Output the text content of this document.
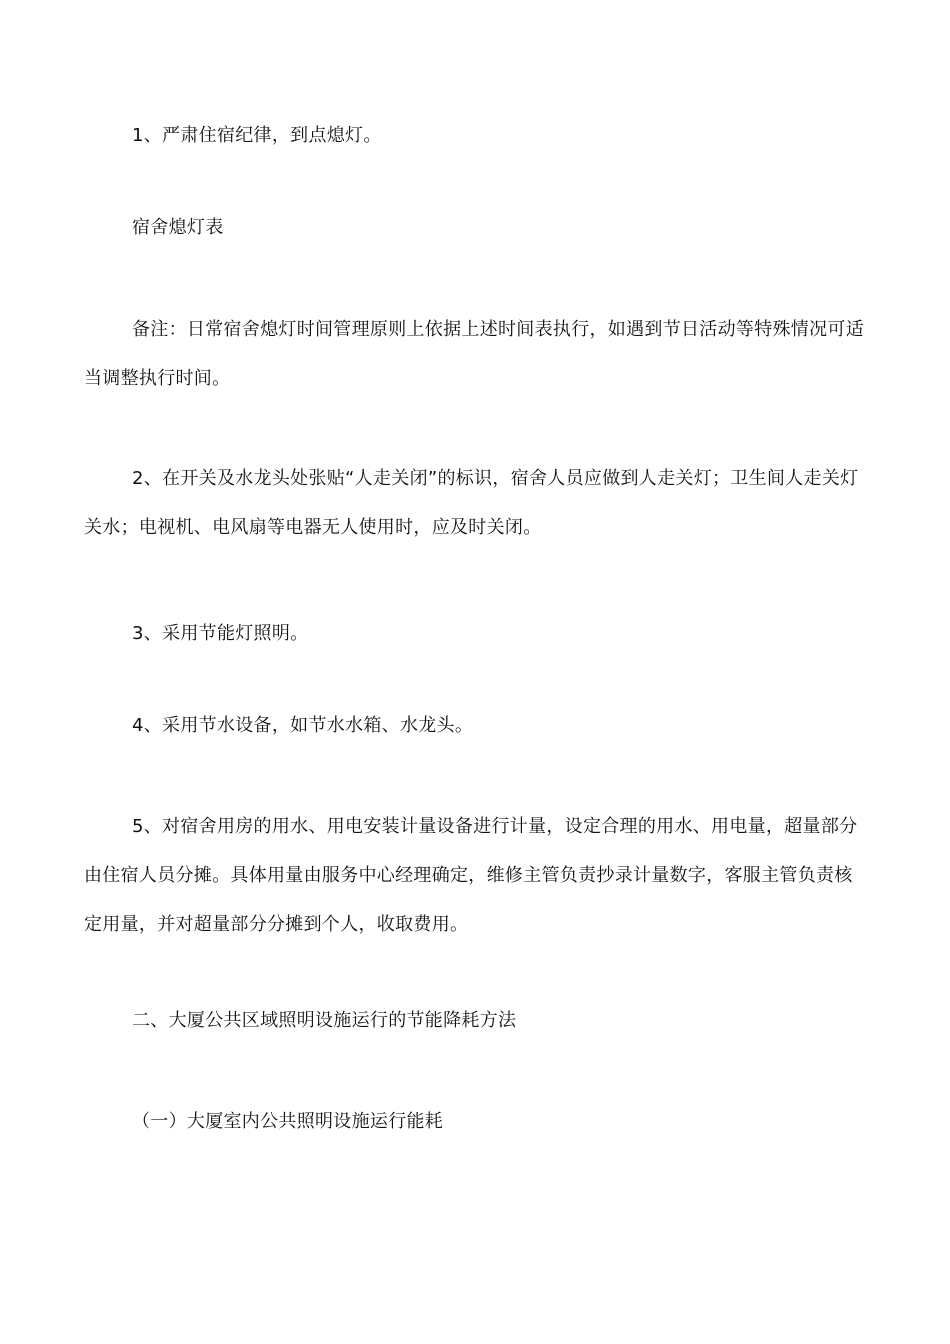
1、严肃住宿纪律，到点熄灯。

宿舍熄灯表

备注：日常宿舍熄灯时间管理原则上依据上述时间表执行，如遇到节日活动等特殊情况可适当调整执行时间。

2、在开关及水龙头处张贴“人走关闭”的标识，宿舍人员应做到人走关灯；卫生间人走关灯关水；电视机、电风扇等电器无人使用时，应及时关闭。

3、采用节能灯照明。

4、采用节水设备，如节水水箱、水龙头。

5、对宿舍用房的用水、用电安装计量设备进行计量，设定合理的用水、用电量，超量部分由住宿人员分摊。具体用量由服务中心经理确定，维修主管负责抄录计量数字，客服主管负责核定用量，并对超量部分分摊到个人，收取费用。

二、大厦公共区域照明设施运行的节能降耗方法

（一）大厦室内公共照明设施运行能耗
